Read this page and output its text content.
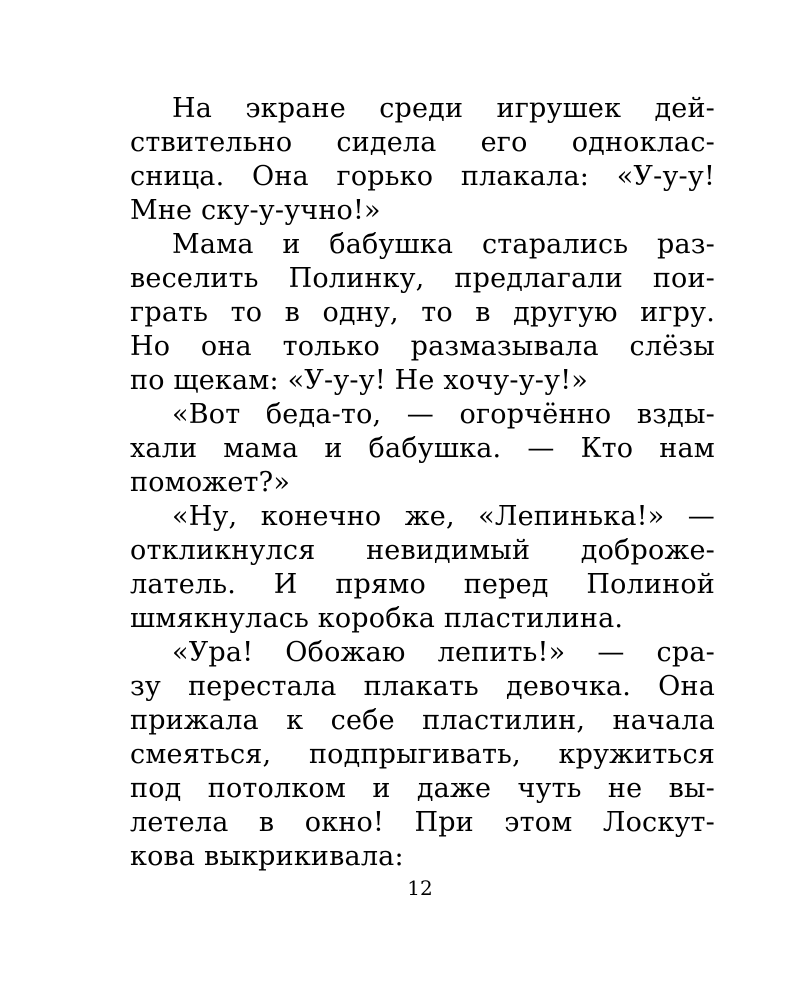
На экране среди игрушек дей-
ствительно сидела его одноклас-
сница. Она горько плакала: «У-у-у!
Мне ску-у-учно!»
Мама и бабушка старались раз-
веселить Полинку, предлагали пои-
грать то в одну, то в другую игру.
Но она только размазывала слёзы
по щекам: «У-у-у! Не хочу-у-у!»
«Вот беда-то, — огорчённо взды-
хали мама и бабушка. — Кто нам
поможет?»
«Ну, конечно же, «Лепинька!» —
откликнулся невидимый доброже-
латель. И прямо перед Полиной
шмякнулась коробка пластилина.
«Ура! Обожаю лепить!» — сра-
зу перестала плакать девочка. Она
прижала к себе пластилин, начала
смеяться, подпрыгивать, кружиться
под потолком и даже чуть не вы-
летела в окно! При этом Лоскут-
кова выкрикивала:
12
